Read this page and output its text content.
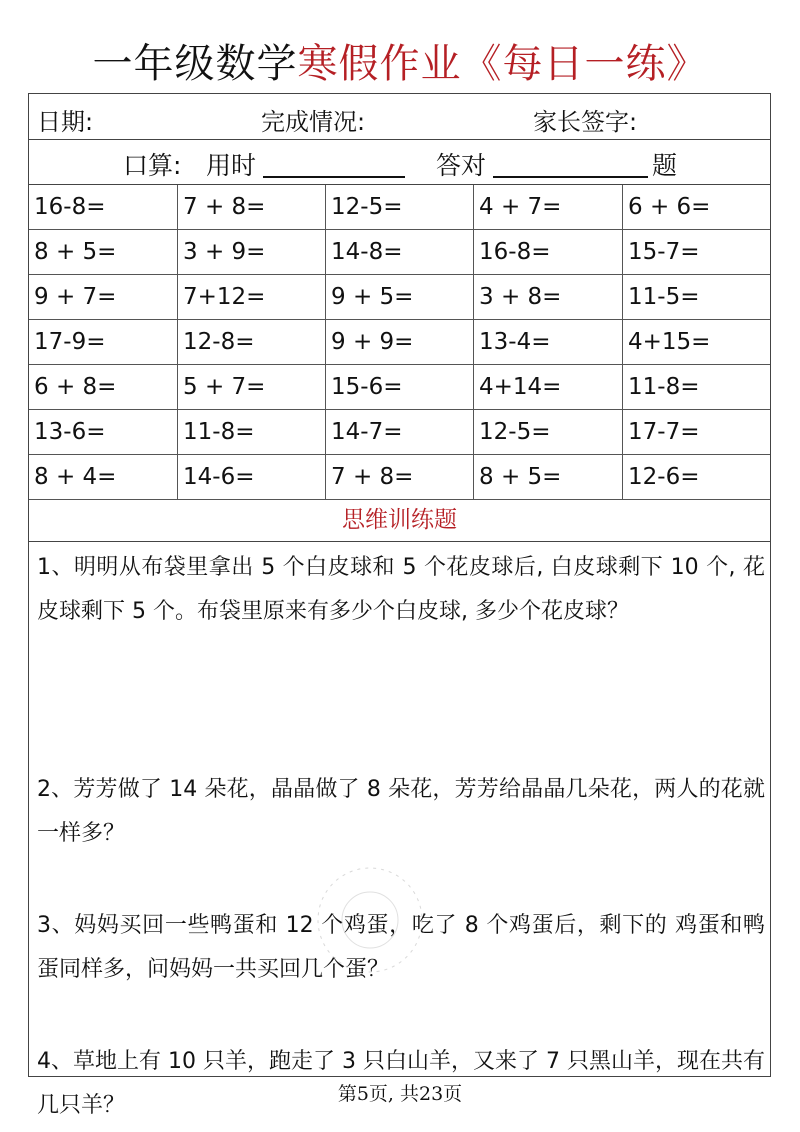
一年级数学寒假作业《每日一练》
日期:	完成情况:	家长签字:
口算: 用时	答对	题
16-8=	7 + 8=	12-5=	4 + 7=	6 + 6=
8 + 5=	3 + 9=	14-8=	16-8=	15-7=
9 + 7=	7+12=	9 + 5=	3 + 8=	11-5=
17-9=	12-8=	9 + 9=	13-4=	4+15=
6 + 8=	5 + 7=	15-6=	4+14=	11-8=
13-6=	11-8=	14-7=	12-5=	17-7=
8 + 4=	14-6=	7 + 8=	8 + 5=	12-6=
思维训练题
1、明明从布袋里拿出 5 个白皮球和 5 个花皮球后, 白皮球剩下 10 个, 花皮球剩下 5 个。布袋里原来有多少个白皮球, 多少个花皮球？
2、芳芳做了 14 朵花，晶晶做了 8 朵花，芳芳给晶晶几朵花，两人的花就一样多？
3、妈妈买回一些鸭蛋和 12 个鸡蛋，吃了 8 个鸡蛋后，剩下的 鸡蛋和鸭蛋同样多，问妈妈一共买回几个蛋？
4、草地上有 10 只羊，跑走了 3 只白山羊，又来了 7 只黑山羊，现在共有几只羊？	第5页, 共23页
